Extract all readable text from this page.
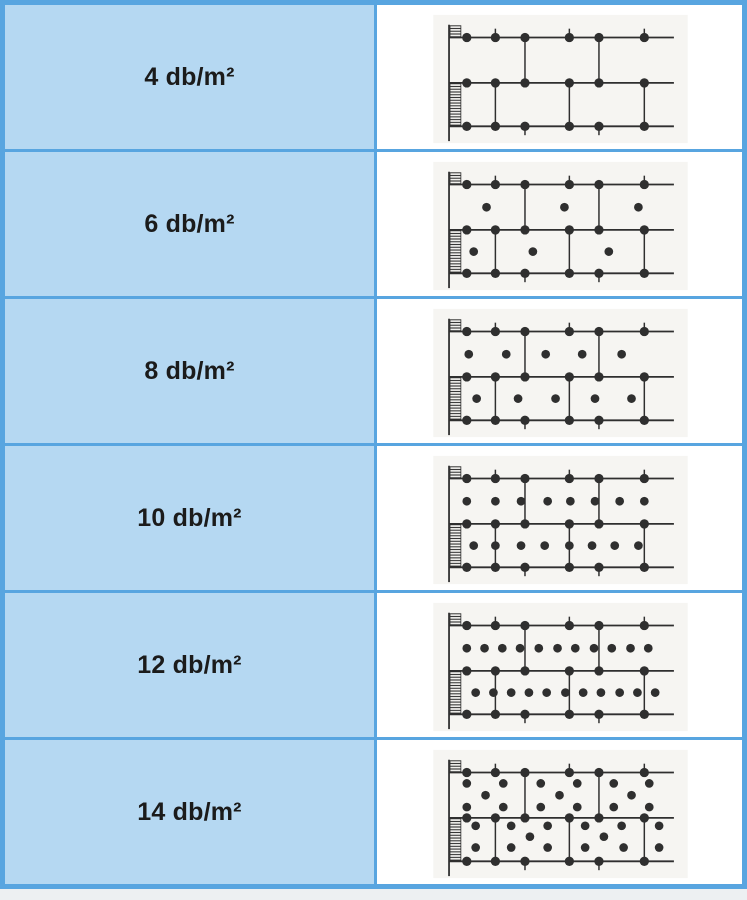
4 db/m²
6 db/m²
8 db/m²
10 db/m²
12 db/m²
14 db/m²
